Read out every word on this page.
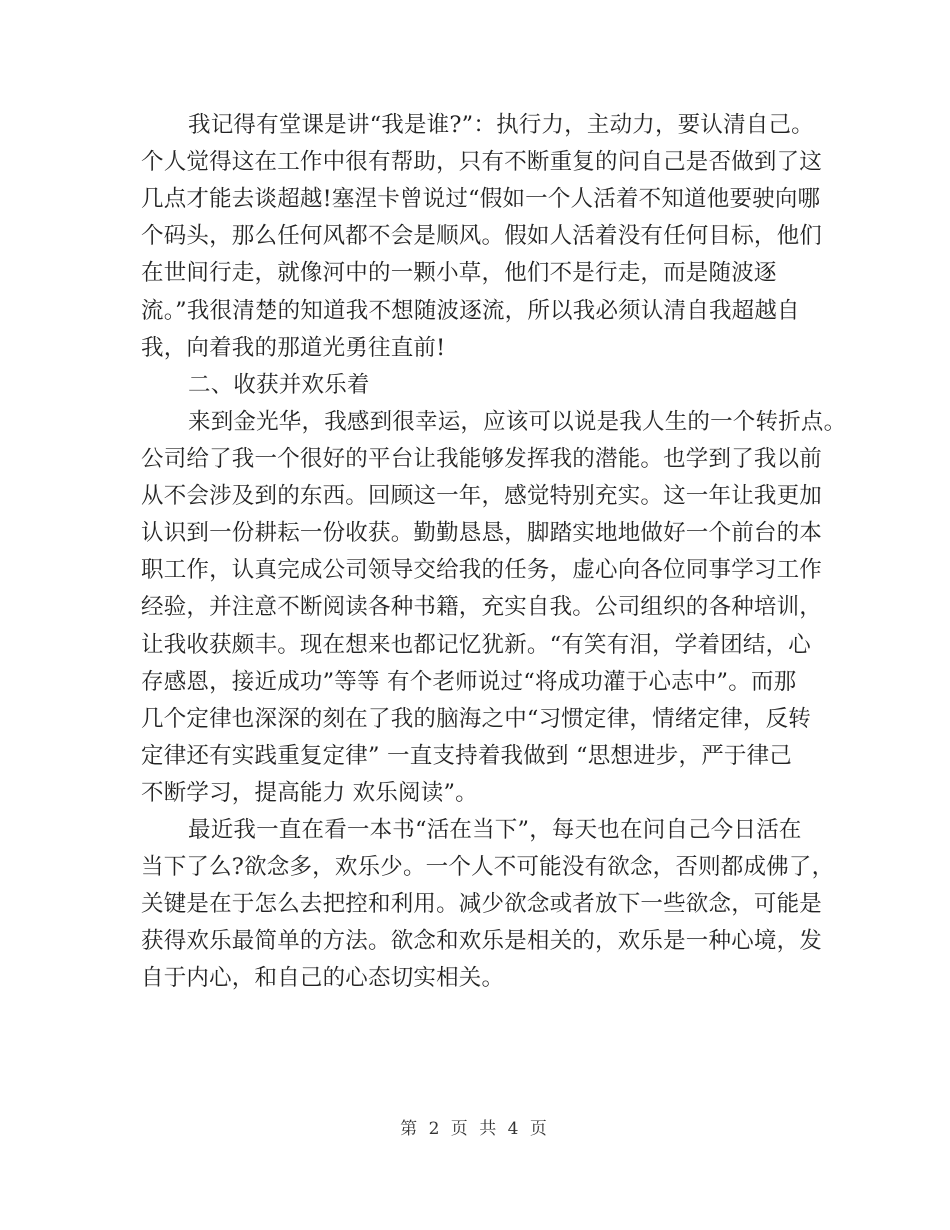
我记得有堂课是讲“我是谁?”：执行力，主动力，要认清自己。
个人觉得这在工作中很有帮助，只有不断重复的问自己是否做到了这
几点才能去谈超越!塞涅卡曾说过“假如一个人活着不知道他要驶向哪
个码头，那么任何风都不会是顺风。假如人活着没有任何目标，他们
在世间行走，就像河中的一颗小草，他们不是行走，而是随波逐
流。”我很清楚的知道我不想随波逐流，所以我必须认清自我超越自
我，向着我的那道光勇往直前!
二、收获并欢乐着
来到金光华，我感到很幸运，应该可以说是我人生的一个转折点。
公司给了我一个很好的平台让我能够发挥我的潜能。也学到了我以前
从不会涉及到的东西。回顾这一年，感觉特别充实。这一年让我更加
认识到一份耕耘一份收获。勤勤恳恳，脚踏实地地做好一个前台的本
职工作，认真完成公司领导交给我的任务，虚心向各位同事学习工作
经验，并注意不断阅读各种书籍，充实自我。公司组织的各种培训，
让我收获颇丰。现在想来也都记忆犹新。“有笑有泪，学着团结，心
存感恩，接近成功”等等 有个老师说过“将成功灌于心志中”。而那
几个定律也深深的刻在了我的脑海之中“习惯定律，情绪定律，反转
定律还有实践重复定律” 一直支持着我做到 “思想进步，严于律己
不断学习，提高能力 欢乐阅读”。
最近我一直在看一本书“活在当下”，每天也在问自己今日活在
当下了么?欲念多，欢乐少。一个人不可能没有欲念，否则都成佛了，
关键是在于怎么去把控和利用。减少欲念或者放下一些欲念，可能是
获得欢乐最简单的方法。欲念和欢乐是相关的，欢乐是一种心境，发
自于内心，和自己的心态切实相关。
第 2 页 共 4 页
